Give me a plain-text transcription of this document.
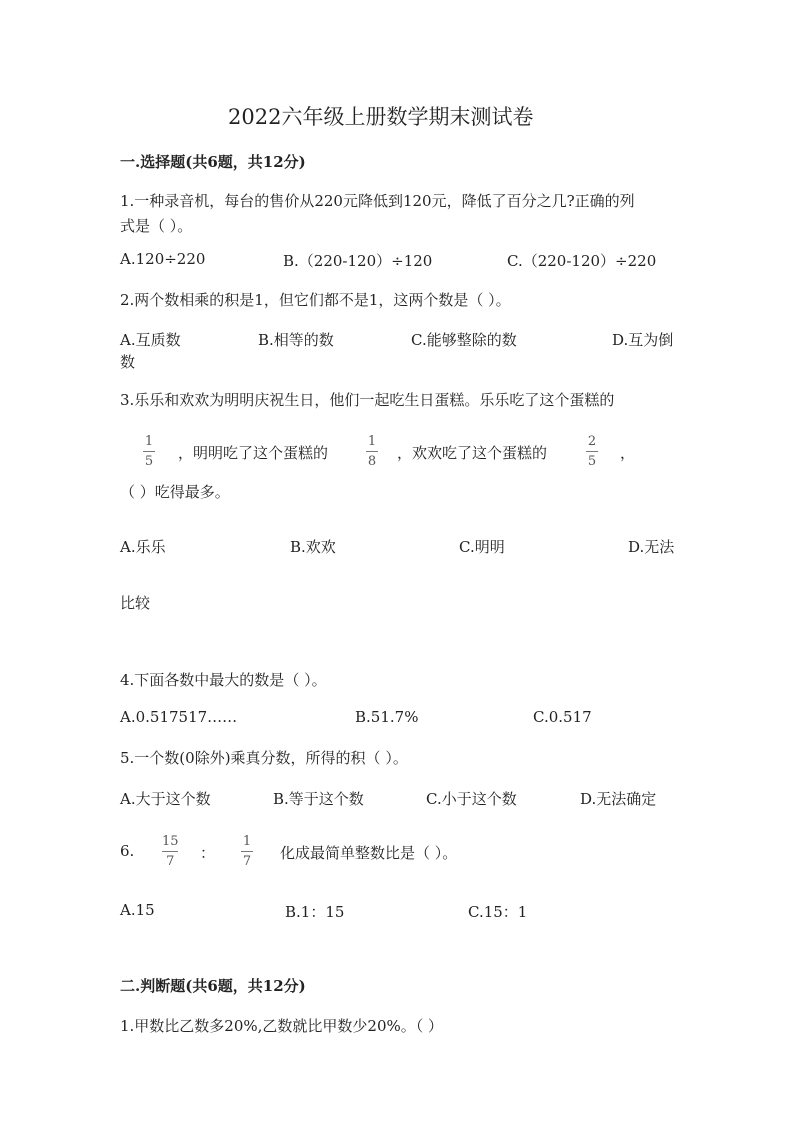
2022六年级上册数学期末测试卷
一.选择题(共6题，共12分)
1.一种录音机，每台的售价从220元降低到120元，降低了百分之几?正确的列
式是（ ）。
A.120÷220	B.（220-120）÷120	C.（220-120）÷220
2.两个数相乘的积是1，但它们都不是1，这两个数是（ ）。
A.互质数	B.相等的数	C.能够整除的数	D.互为倒
数
3.乐乐和欢欢为明明庆祝生日，他们一起吃生日蛋糕。乐乐吃了这个蛋糕的
1
5 ，明明吃了这个蛋糕的
1
8 ，欢欢吃了这个蛋糕的
2
5 ，
（ ）吃得最多。
A.乐乐	B.欢欢	C.明明	D.无法
比较
4.下面各数中最大的数是（ ）。
A.0.517517……	B.51.7%	C.0.517
5.一个数(0除外)乘真分数，所得的积（ ）。
A.大于这个数	B.等于这个数	C.小于这个数	D.无法确定
6.
15
7 ：
1
7 化成最简单整数比是（ ）。
A.15	B.1：15	C.15：1
二.判断题(共6题，共12分)
1.甲数比乙数多20%,乙数就比甲数少20%。（ ）
